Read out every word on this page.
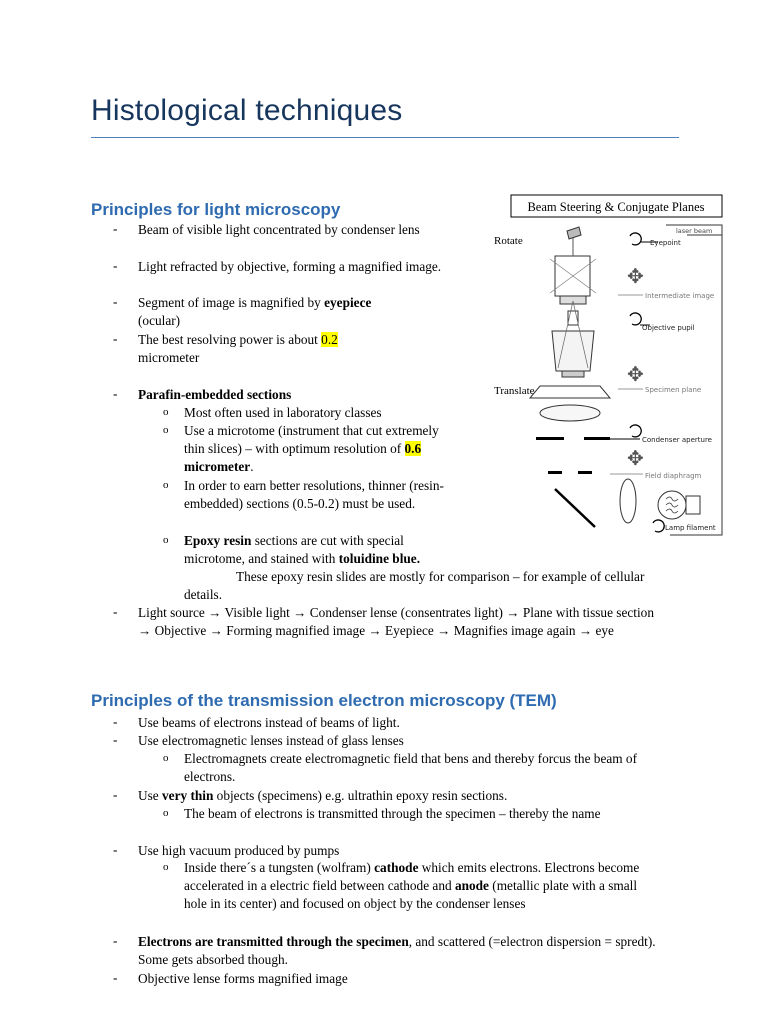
Histological techniques
Principles for light microscopy
- Beam of visible light concentrated by condenser lens
- Light refracted by objective, forming a magnified image.
- Segment of image is magnified by eyepiece
(ocular)
- The best resolving power is about 0.2
micrometer
- Parafin-embedded sections
o Most often used in laboratory classes
o Use a microtome (instrument that cut extremely thin slices) – with optimum resolution of 0.6 micrometer.
o In order to earn better resolutions, thinner (resin-embedded) sections (0.5-0.2) must be used.
o Epoxy resin sections are cut with special microtome, and stained with toluidine blue.
These epoxy resin slides are mostly for comparison – for example of cellular details.
- Light source → Visible light → Condenser lense (consentrates light) → Plane with tissue section → Objective → Forming magnified image → Eyepiece → Magnifies image again → eye
Beam Steering & Conjugate Planes
Rotate
Translate
laser beam
Eyepoint
✥
Intermediate image
Objective pupil
✥
Specimen plane
Condenser aperture
✥
Field diaphragm
Lamp filament
Principles of the transmission electron microscopy (TEM)
- Use beams of electrons instead of beams of light.
- Use electromagnetic lenses instead of glass lenses
o Electromagnets create electromagnetic field that bens and thereby forcus the beam of electrons.
- Use very thin objects (specimens) e.g. ultrathin epoxy resin sections.
o The beam of electrons is transmitted through the specimen – thereby the name
- Use high vacuum produced by pumps
o Inside there´s a tungsten (wolfram) cathode which emits electrons. Electrons become accelerated in a electric field between cathode and anode (metallic plate with a small hole in its center) and focused on object by the condenser lenses
- Electrons are transmitted through the specimen, and scattered (=electron dispersion = spredt). Some gets absorbed though.
- Objective lense forms magnified image
